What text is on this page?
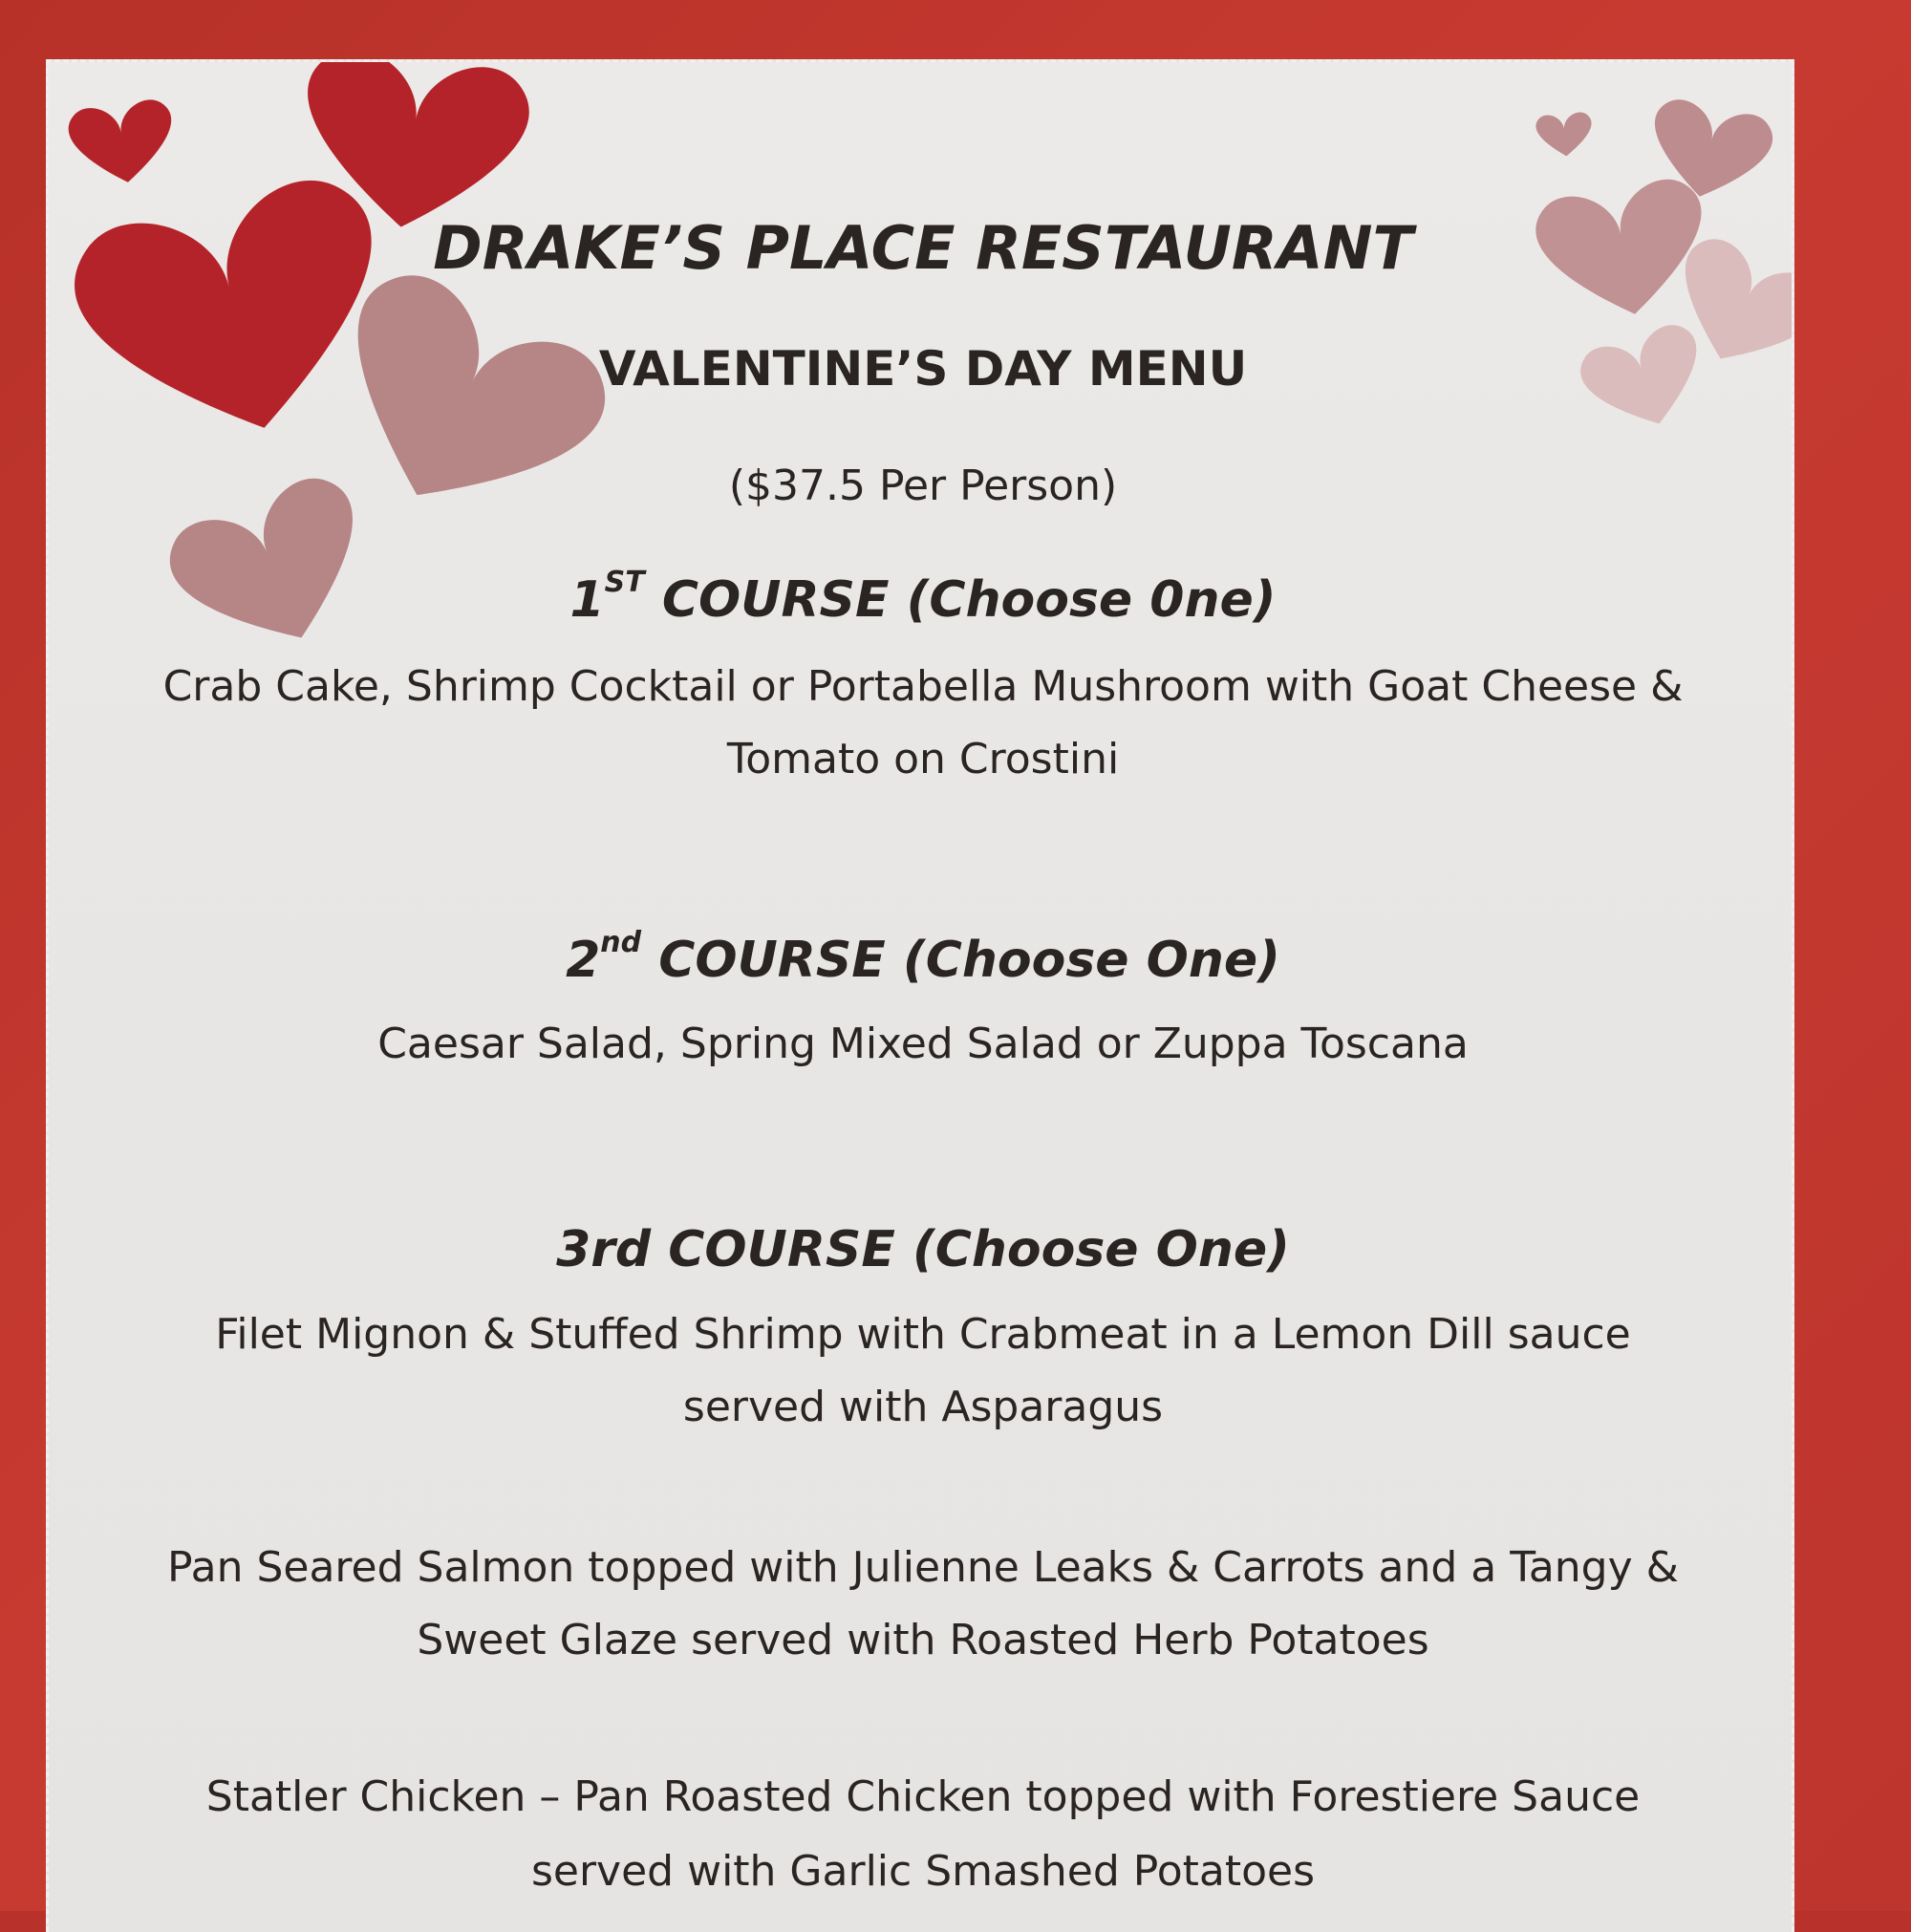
DRAKE’S PLACE RESTAURANT
VALENTINE’S DAY MENU
($37.5 Per Person)
1ST COURSE (Choose 0ne)
Crab Cake, Shrimp Cocktail or Portabella Mushroom with Goat Cheese &
Tomato on Crostini
2nd COURSE (Choose One)
Caesar Salad, Spring Mixed Salad or Zuppa Toscana
3rd COURSE (Choose One)
Filet Mignon & Stuffed Shrimp with Crabmeat in a Lemon Dill sauce
served with Asparagus
Pan Seared Salmon topped with Julienne Leaks & Carrots and a Tangy &
Sweet Glaze served with Roasted Herb Potatoes
Statler Chicken – Pan Roasted Chicken topped with Forestiere Sauce
served with Garlic Smashed Potatoes
